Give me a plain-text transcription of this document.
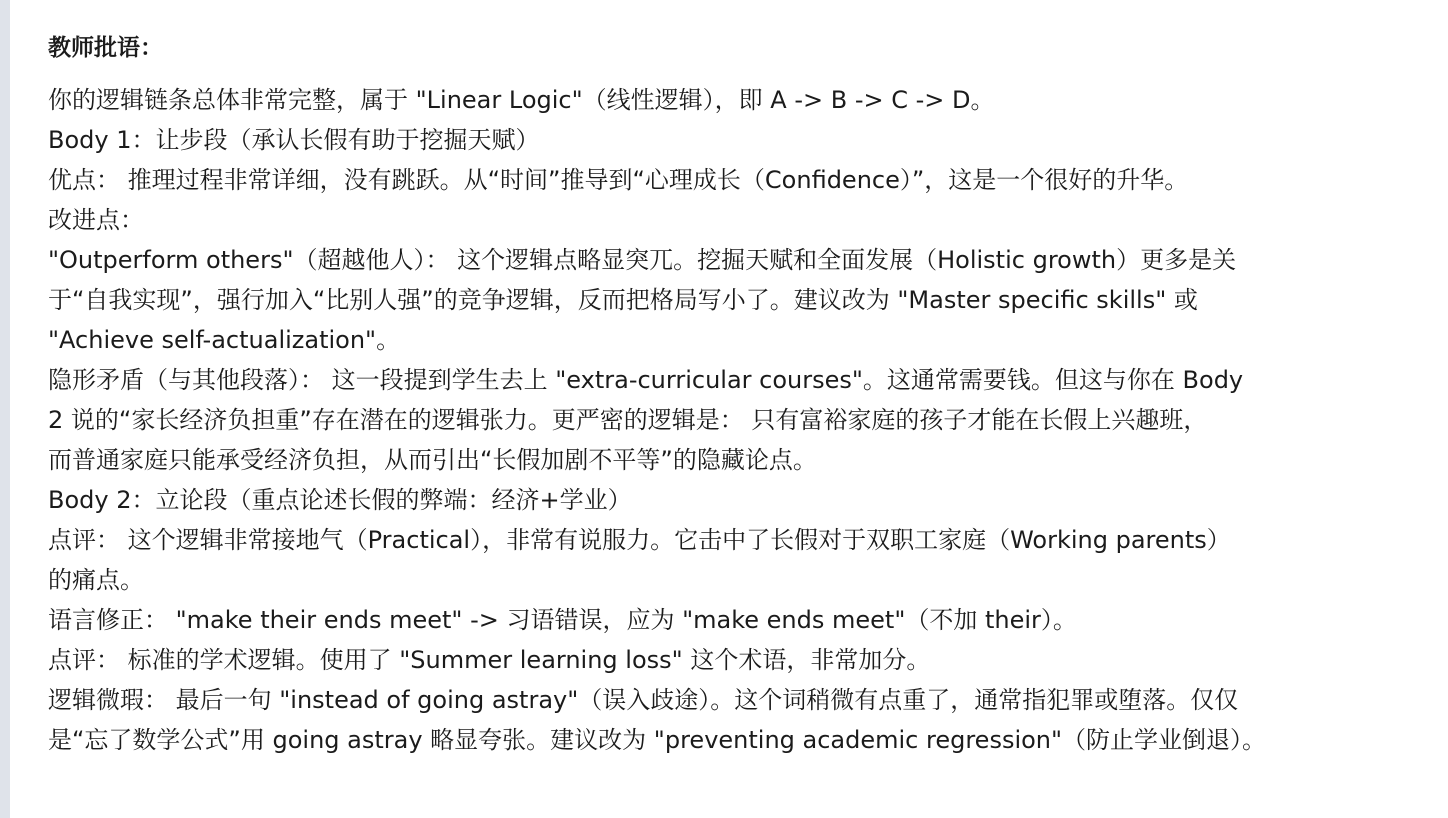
教师批语：
你的逻辑链条总体非常完整，属于 "Linear Logic"（线性逻辑），即 A -> B -> C -> D。
Body 1：让步段（承认长假有助于挖掘天赋）
优点： 推理过程非常详细，没有跳跃。从“时间”推导到“心理成长（Confidence）”，这是一个很好的升华。
改进点：
"Outperform others"（超越他人）： 这个逻辑点略显突兀。挖掘天赋和全面发展（Holistic growth）更多是关
于“自我实现”，强行加入“比别人强”的竞争逻辑，反而把格局写小了。建议改为 "Master specific skills" 或
"Achieve self-actualization"。
隐形矛盾（与其他段落）： 这一段提到学生去上 "extra-curricular courses"。这通常需要钱。但这与你在 Body
2 说的“家长经济负担重”存在潜在的逻辑张力。更严密的逻辑是： 只有富裕家庭的孩子才能在长假上兴趣班，
而普通家庭只能承受经济负担，从而引出“长假加剧不平等”的隐藏论点。
Body 2：立论段（重点论述长假的弊端：经济+学业）
点评： 这个逻辑非常接地气（Practical），非常有说服力。它击中了长假对于双职工家庭（Working parents）
的痛点。
语言修正： "make their ends meet" -> 习语错误，应为 "make ends meet"（不加 their）。
点评： 标准的学术逻辑。使用了 "Summer learning loss" 这个术语，非常加分。
逻辑微瑕： 最后一句 "instead of going astray"（误入歧途）。这个词稍微有点重了，通常指犯罪或堕落。仅仅
是“忘了数学公式”用 going astray 略显夸张。建议改为 "preventing academic regression"（防止学业倒退）。
